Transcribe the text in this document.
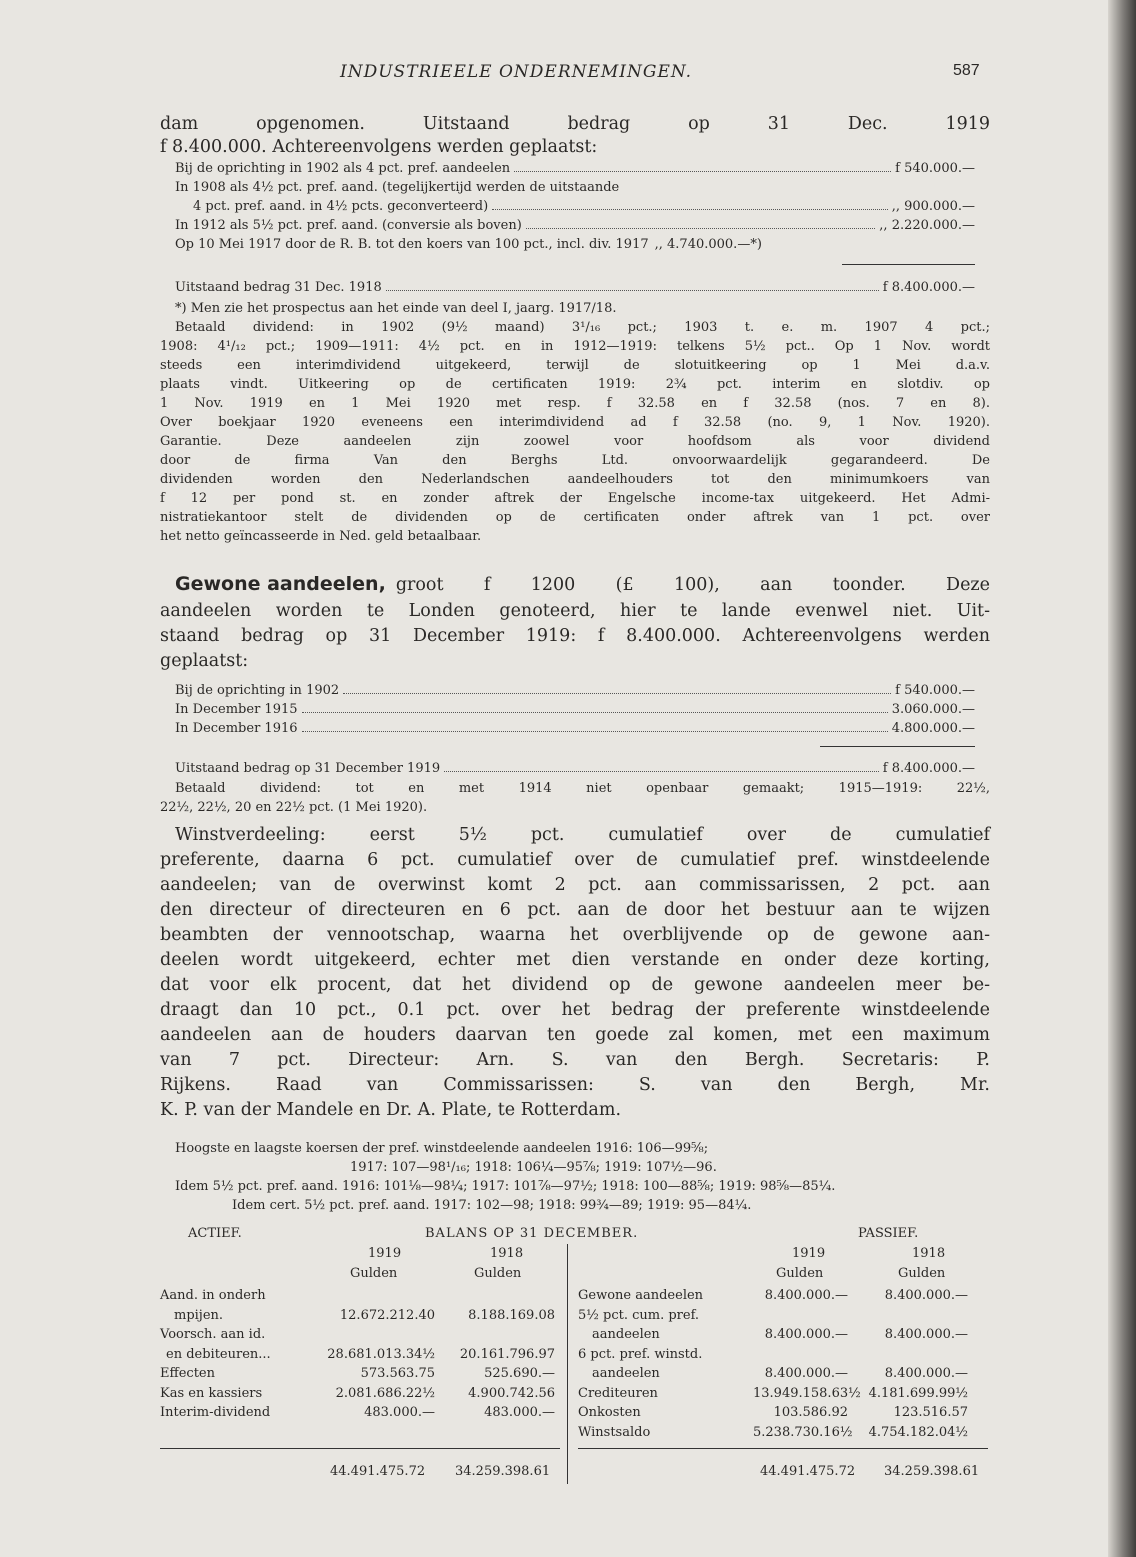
INDUSTRIEELE ONDERNEMINGEN.	587
dam opgenomen. Uitstaand bedrag op 31 Dec. 1919
f 8.400.000. Achtereenvolgens werden geplaatst:
Bij de oprichting in 1902 als 4 pct. pref. aandeelen	f 540.000.—
In 1908 als 4½ pct. pref. aand. (tegelijkertijd werden de uitstaande
4 pct. pref. aand. in 4½ pcts. geconverteerd)	,, 900.000.—
In 1912 als 5½ pct. pref. aand. (conversie als boven)	,, 2.220.000.—
Op 10 Mei 1917 door de R. B. tot den koers van 100 pct., incl. div. 1917 ,, 4.740.000.—*)
Uitstaand bedrag 31 Dec. 1918	f 8.400.000.—
*) Men zie het prospectus aan het einde van deel I, jaarg. 1917/18.
Betaald dividend: in 1902 (9½ maand) 3¹/₁₆ pct.; 1903 t. e. m. 1907 4 pct.;
1908: 4¹/₁₂ pct.; 1909—1911: 4½ pct. en in 1912—1919: telkens 5½ pct.. Op 1 Nov. wordt
steeds een interimdividend uitgekeerd, terwijl de slotuitkeering op 1 Mei d.a.v.
plaats vindt. Uitkeering op de certificaten 1919: 2¾ pct. interim en slotdiv. op
1 Nov. 1919 en 1 Mei 1920 met resp. f 32.58 en f 32.58 (nos. 7 en 8).
Over boekjaar 1920 eveneens een interimdividend ad f 32.58 (no. 9, 1 Nov. 1920).
Garantie. Deze aandeelen zijn zoowel voor hoofdsom als voor dividend
door de firma Van den Berghs Ltd. onvoorwaardelijk gegarandeerd. De
dividenden worden den Nederlandschen aandeelhouders tot den minimumkoers van
f 12 per pond st. en zonder aftrek der Engelsche income-tax uitgekeerd. Het Admi-
nistratiekantoor stelt de dividenden op de certificaten onder aftrek van 1 pct. over
het netto geïncasseerde in Ned. geld betaalbaar.
Gewone aandeelen, groot f 1200 (£ 100), aan toonder. Deze
aandeelen worden te Londen genoteerd, hier te lande evenwel niet. Uit-
staand bedrag op 31 December 1919: f 8.400.000. Achtereenvolgens werden
geplaatst:
Bij de oprichting in 1902	f 540.000.—
In December 1915	3.060.000.—
In December 1916	4.800.000.—
Uitstaand bedrag op 31 December 1919	f 8.400.000.—
Betaald dividend: tot en met 1914 niet openbaar gemaakt; 1915—1919: 22½,
22½, 22½, 20 en 22½ pct. (1 Mei 1920).
Winstverdeeling: eerst 5½ pct. cumulatief over de cumulatief
preferente, daarna 6 pct. cumulatief over de cumulatief pref. winstdeelende
aandeelen; van de overwinst komt 2 pct. aan commissarissen, 2 pct. aan
den directeur of directeuren en 6 pct. aan de door het bestuur aan te wijzen
beambten der vennootschap, waarna het overblijvende op de gewone aan-
deelen wordt uitgekeerd, echter met dien verstande en onder deze korting,
dat voor elk procent, dat het dividend op de gewone aandeelen meer be-
draagt dan 10 pct., 0.1 pct. over het bedrag der preferente winstdeelende
aandeelen aan de houders daarvan ten goede zal komen, met een maximum
van 7 pct. Directeur: Arn. S. van den Bergh. Secretaris: P.
Rijkens. Raad van Commissarissen: S. van den Bergh, Mr.
K. P. van der Mandele en Dr. A. Plate, te Rotterdam.
Hoogste en laagste koersen der pref. winstdeelende aandeelen 1916: 106—99⅝;
1917: 107—98¹/₁₆; 1918: 106¼—95⅞; 1919: 107½—96.
Idem 5½ pct. pref. aand. 1916: 101⅛—98¼; 1917: 101⅞—97½; 1918: 100—88⅝; 1919: 98⅝—85¼.
Idem cert. 5½ pct. pref. aand. 1917: 102—98; 1918: 99¾—89; 1919: 95—84¼.
ACTIEF.	BALANS OP 31 DECEMBER.	PASSIEF.
1919	1918
Gulden	Gulden
1919	1918
Gulden	Gulden
Aand. in onderh
mpijen.	12.672.212.40	8.188.169.08
Voorsch. aan id.
en debiteuren...	28.681.013.34½	20.161.796.97
Effecten	573.563.75	525.690.—
Kas en kassiers	2.081.686.22½	4.900.742.56
Interim-dividend	483.000.—	483.000.—
Gewone aandeelen	8.400.000.—	8.400.000.—
5½ pct. cum. pref.
aandeelen	8.400.000.—	8.400.000.—
6 pct. pref. winstd.
aandeelen	8.400.000.—	8.400.000.—
Crediteuren	13.949.158.63½ 4.181.699.99½
Onkosten	103.586.92	123.516.57
Winstsaldo	5.238.730.16½	4.754.182.04½
44.491.475.72 34.259.398.61	44.491.475.72 34.259.398.61
